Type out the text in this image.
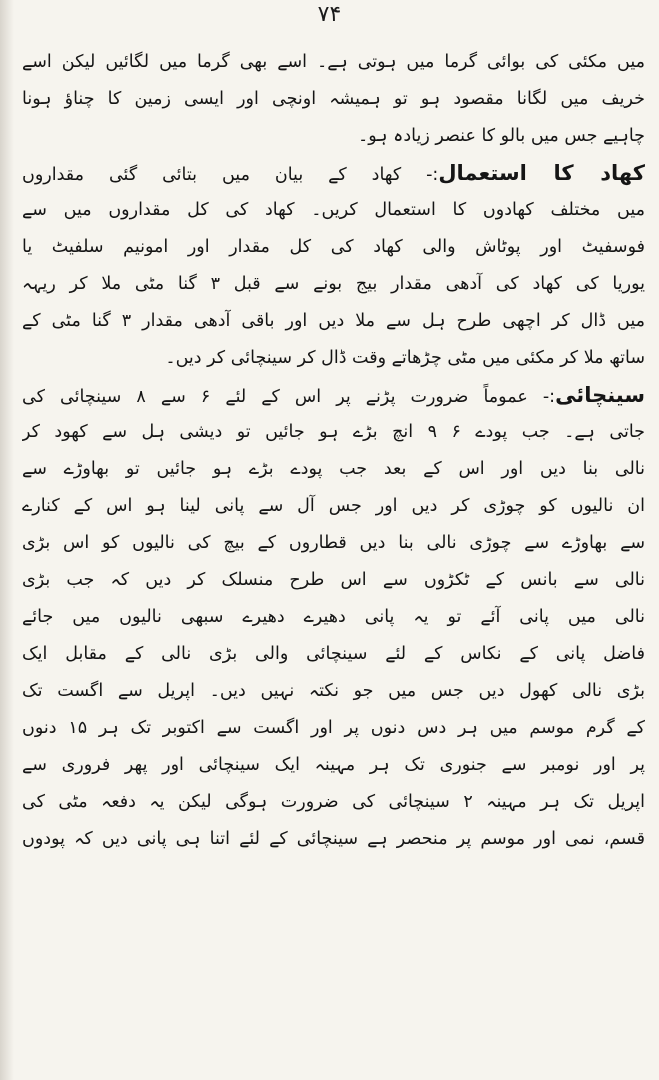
۷۴
میں مکئی کی بوائی گرما میں ہوتی ہے۔ اسے بھی گرما میں لگائیں لیکن اسے
خریف میں لگانا مقصود ہو تو ہمیشہ اونچی اور ایسی زمین کا چناؤ ہونا
چاہیے جس میں بالو کا عنصر زیادہ ہو۔
کھاد کا استعمال:- کھاد کے بیان میں بتائی گئی مقداروں
میں مختلف کھادوں کا استعمال کریں۔ کھاد کی کل مقداروں میں سے
فوسفیٹ اور پوٹاش والی کھاد کی کل مقدار اور امونیم سلفیٹ یا
یوریا کی کھاد کی آدھی مقدار بیج بونے سے قبل ۳ گنا مٹی ملا کر ریہہ
میں ڈال کر اچھی طرح ہل سے ملا دیں اور باقی آدھی مقدار ۳ گنا مٹی کے
ساتھ ملا کر مکئی میں مٹی چڑھاتے وقت ڈال کر سینچائی کر دیں۔
سینچائی:- عموماً ضرورت پڑنے پر اس کے لئے ۶ سے ۸ سینچائی کی
جاتی ہے۔ جب پودے ۶ ۹ انچ بڑے ہو جائیں تو دیشی ہل سے کھود کر
نالی بنا دیں اور اس کے بعد جب پودے بڑے ہو جائیں تو بھاوڑے سے
ان نالیوں کو چوڑی کر دیں اور جس آل سے پانی لینا ہو اس کے کنارے
سے بھاوڑے سے چوڑی نالی بنا دیں قطاروں کے بیچ کی نالیوں کو اس بڑی
نالی سے بانس کے ٹکڑوں سے اس طرح منسلک کر دیں کہ جب بڑی
نالی میں پانی آئے تو یہ پانی دھیرے دھیرے سبھی نالیوں میں جائے
فاضل پانی کے نکاس کے لئے سینچائی والی بڑی نالی کے مقابل ایک
بڑی نالی کھول دیں جس میں جو نکتہ نہیں دیں۔ اپریل سے اگست تک
کے گرم موسم میں ہر دس دنوں پر اور اگست سے اکتوبر تک ہر ۱۵ دنوں
پر اور نومبر سے جنوری تک ہر مہینہ ایک سینچائی اور پھر فروری سے
اپریل تک ہر مہینہ ۲ سینچائی کی ضرورت ہوگی لیکن یہ دفعہ مٹی کی
قسم، نمی اور موسم پر منحصر ہے سینچائی کے لئے اتنا ہی پانی دیں کہ پودوں
